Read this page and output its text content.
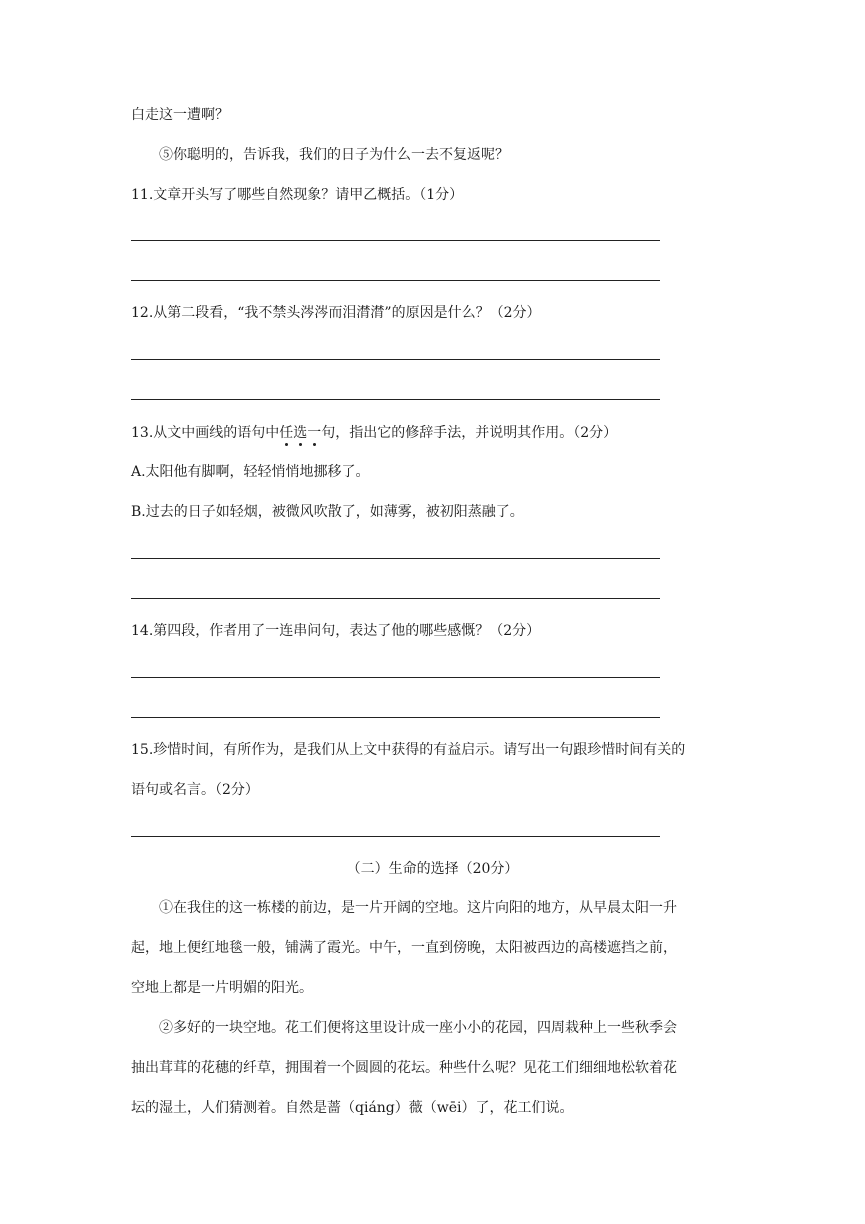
白走这一遭啊？
⑤你聪明的，告诉我，我们的日子为什么一去不复返呢？
11.文章开头写了哪些自然现象？请甲乙概括。（1分）
12.从第二段看，“我不禁头涔涔而泪潸潸”的原因是什么？（2分）
13.从文中画线的语句中任选一句，指出它的修辞手法，并说明其作用。（2分）
A.太阳他有脚啊，轻轻悄悄地挪移了。
B.过去的日子如轻烟，被微风吹散了，如薄雾，被初阳蒸融了。
14.第四段，作者用了一连串问句，表达了他的哪些感慨？（2分）
15.珍惜时间，有所作为，是我们从上文中获得的有益启示。请写出一句跟珍惜时间有关的
语句或名言。（2分）
（二）生命的选择（20分）
①在我住的这一栋楼的前边，是一片开阔的空地。这片向阳的地方，从早晨太阳一升
起，地上便红地毯一般，铺满了霞光。中午，一直到傍晚，太阳被西边的高楼遮挡之前，
空地上都是一片明媚的阳光。
②多好的一块空地。花工们便将这里设计成一座小小的花园，四周栽种上一些秋季会
抽出茸茸的花穗的纤草，拥围着一个圆圆的花坛。种些什么呢？见花工们细细地松软着花
坛的湿土，人们猜测着。自然是蔷（qiáng）薇（wēi）了，花工们说。
